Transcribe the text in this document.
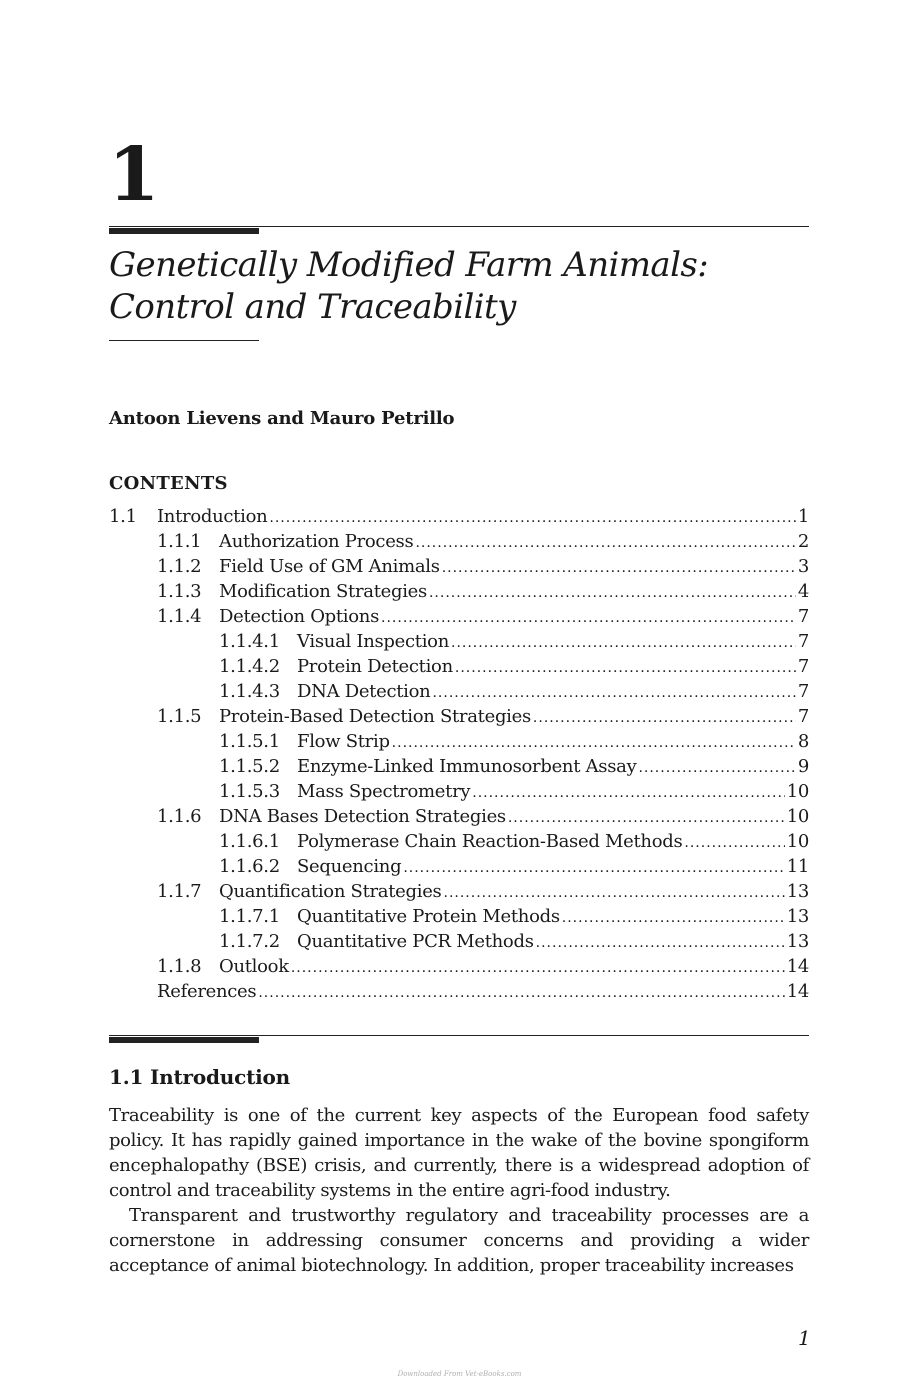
1
Genetically Modified Farm Animals:
Control and Traceability
Antoon Lievens and Mauro Petrillo
CONTENTS
1.1 Introduction .....	1
1.1.1 Authorization Process .....	2
1.1.2 Field Use of GM Animals .....	3
1.1.3 Modification Strategies .....	4
1.1.4 Detection Options .....	7
1.1.4.1 Visual Inspection .....	7
1.1.4.2 Protein Detection .....	7
1.1.4.3 DNA Detection .....	7
1.1.5 Protein-Based Detection Strategies .....	7
1.1.5.1 Flow Strip .....	8
1.1.5.2 Enzyme-Linked Immunosorbent Assay .....	9
1.1.5.3 Mass Spectrometry .....	10
1.1.6 DNA Bases Detection Strategies .....	10
1.1.6.1 Polymerase Chain Reaction-Based Methods .....	10
1.1.6.2 Sequencing .....	11
1.1.7 Quantification Strategies .....	13
1.1.7.1 Quantitative Protein Methods .....	13
1.1.7.2 Quantitative PCR Methods .....	13
1.1.8 Outlook .....	14
References .....	14
1.1 Introduction

Traceability is one of the current key aspects of the European food safety policy. It has rapidly gained importance in the wake of the bovine spongiform encephalopathy (BSE) crisis, and currently, there is a widespread adoption of control and traceability systems in the entire agri-food industry.

Transparent and trustworthy regulatory and traceability processes are a cornerstone in addressing consumer concerns and providing a wider acceptance of animal biotechnology. In addition, proper traceability increases

1
Downloaded From Vet-eBooks.com
